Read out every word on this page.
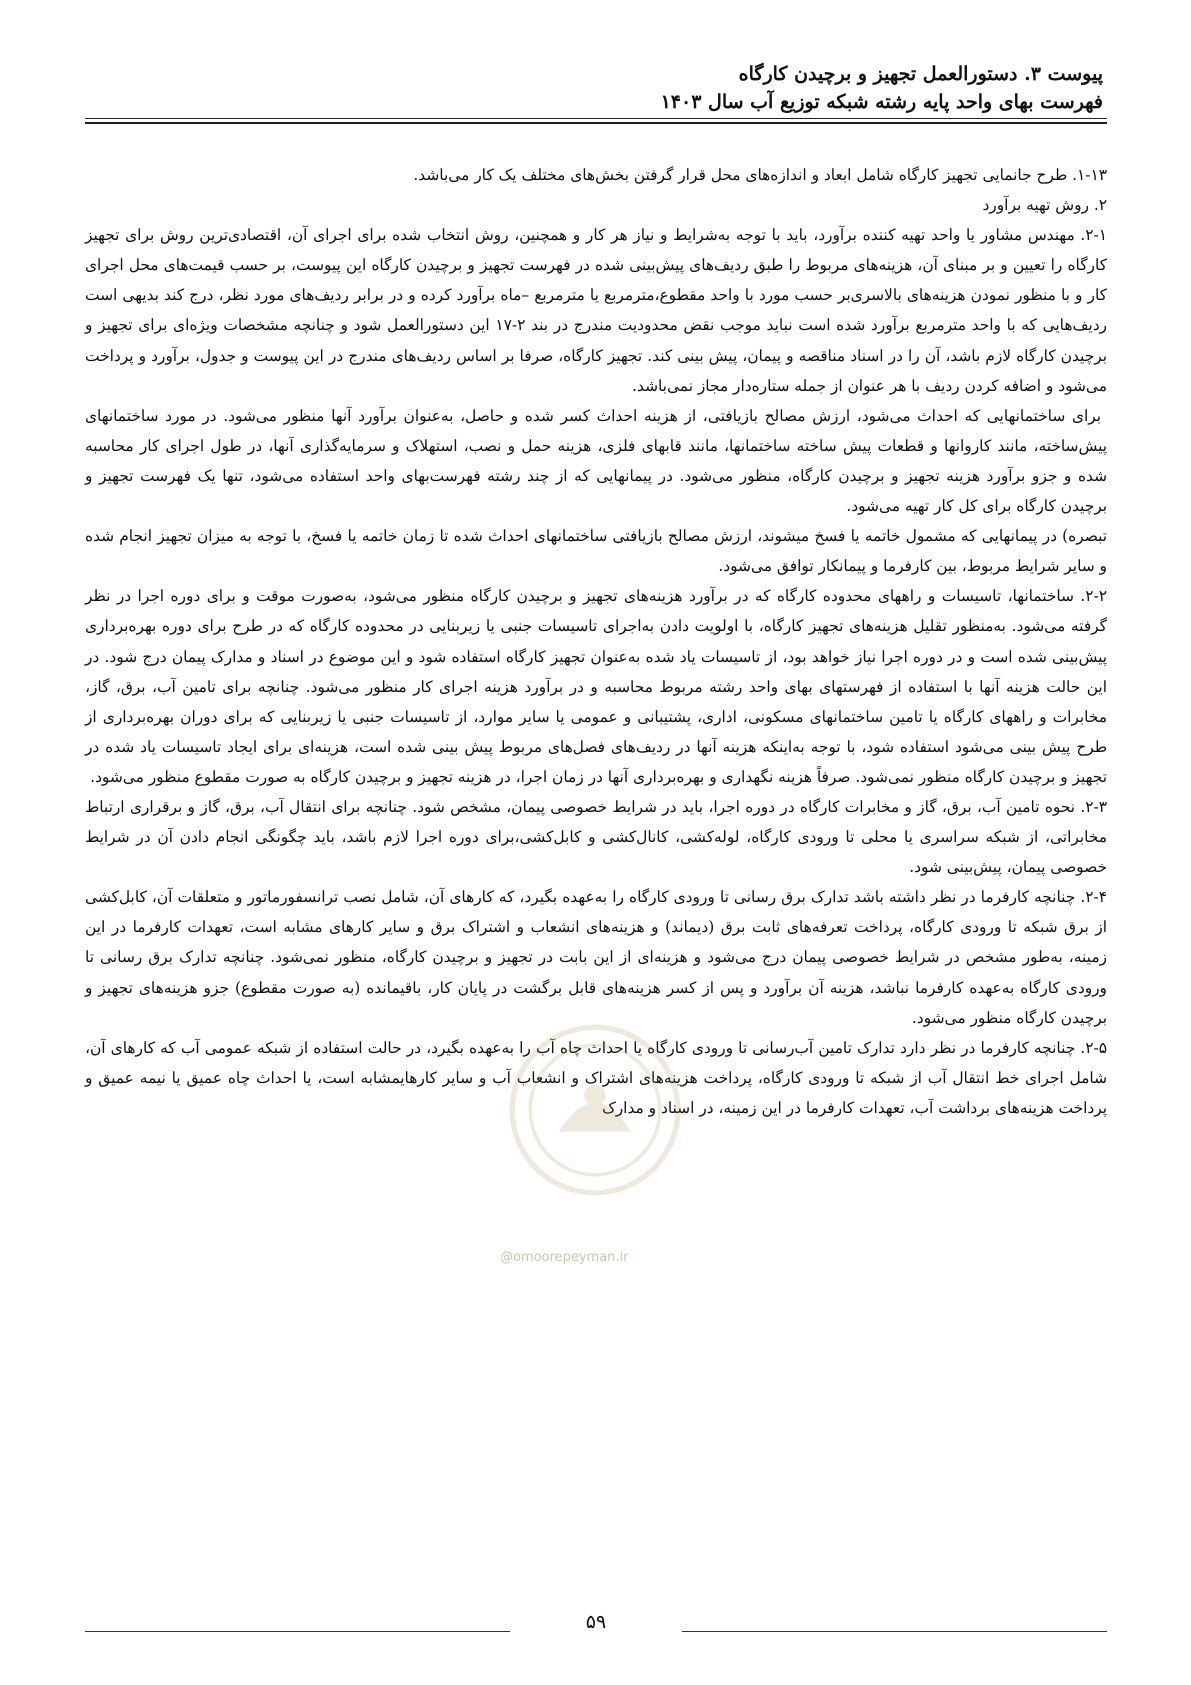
پیوست ۳. دستورالعمل تجهیز و برچیدن کارگاه
فهرست بهای واحد پایه رشته شبکه توزیع آب سال ۱۴۰۳

۱-۱۳. طرح جانمایی تجهیز کارگاه شامل ابعاد و اندازه‌های محل قرار گرفتن بخش‌های مختلف یک کار می‌باشد.

۲. روش تهیه برآورد

۲-۱. مهندس مشاور یا واحد تهیه کننده برآورد، باید با توجه به‌شرایط و نیاز هر کار و همچنین، روش انتخاب شده برای اجرای آن، اقتصادی‌ترین روش برای تجهیز کارگاه را تعیین و بر مبنای آن، هزینه‌های مربوط را طبق ردیف‌های پیش‌بینی شده در فهرست تجهیز و برچیدن کارگاه این پیوست، بر حسب قیمت‌های محل اجرای کار و با منظور نمودن هزینه‌های بالاسری‌بر حسب مورد با واحد مقطوع،مترمربع یا مترمربع –ماه برآورد کرده و در برابر ردیف‌های مورد نظر، درج کند بدیهی است ردیف‌هایی که با واحد مترمربع برآورد شده است نباید موجب نقض محدودیت مندرج در بند ۲-۱۷ این دستورالعمل شود و چنانچه مشخصات ویژه‌ای برای تجهیز و برچیدن کارگاه لازم باشد، آن را در اسناد مناقصه و پیمان، پیش بینی کند. تجهیز کارگاه، صرفا بر اساس ردیف‌های مندرج در این پیوست و جدول، برآورد و پرداخت می‌شود و اضافه کردن ردیف با هر عنوان از جمله ستاره‌دار مجاز نمی‌باشد.

برای ساختمانهایی که احداث می‌شود، ارزش مصالح بازیافتی، از هزینه احداث کسر شده و حاصل، به‌عنوان برآورد آنها منظور می‌شود. در مورد ساختمانهای پیش‌ساخته، مانند کاروانها و قطعات پیش ساخته ساختمانها، مانند قابهای فلزی، هزینه حمل و نصب، استهلاک و سرمایه‌گذاری آنها، در طول اجرای کار محاسبه شده و جزو برآورد هزینه تجهیز و برچیدن کارگاه، منظور می‌شود. در پیمانهایی که از چند رشته فهرست‌بهای واحد استفاده می‌شود، تنها یک فهرست تجهیز و برچیدن کارگاه برای کل کار تهیه می‌شود.

تبصره) در پیمانهایی که مشمول خاتمه یا فسخ میشوند، ارزش مصالح بازیافتی ساختمانهای احداث شده تا زمان خاتمه یا فسخ، با توجه به میزان تجهیز انجام شده و سایر شرایط مربوط، بین کارفرما و پیمانکار توافق می‌شود.

۲-۲. ساختمانها، تاسیسات و راههای محدوده کارگاه که در برآورد هزینه‌های تجهیز و برچیدن کارگاه منظور می‌شود، به‌صورت موقت و برای دوره اجرا در نظر گرفته می‌شود. به‌منظور تقلیل هزینه‌های تجهیز کارگاه، با اولویت دادن به‌اجرای تاسیسات جنبی یا زیربنایی در محدوده کارگاه که در طرح برای دوره بهره‌برداری پیش‌بینی شده است و در دوره اجرا نیاز خواهد بود، از تاسیسات یاد شده به‌عنوان تجهیز کارگاه استفاده شود و این موضوع در اسناد و مدارک پیمان درج شود. در این حالت هزینه آنها با استفاده از فهرستهای بهای واحد رشته مربوط محاسبه و در برآورد هزینه اجرای کار منظور می‌شود. چنانچه برای تامین آب، برق، گاز، مخابرات و راههای کارگاه یا تامین ساختمانهای مسکونی، اداری، پشتیبانی و عمومی یا سایر موارد، از تاسیسات جنبی یا زیربنایی که برای دوران بهره‌برداری از طرح پیش بینی می‌شود استفاده شود، با توجه به‌اینکه هزینه آنها در ردیف‌های فصل‌های مربوط پیش بینی شده است، هزینه‌ای برای ایجاد تاسیسات یاد شده در تجهیز و برچیدن کارگاه منظور نمی‌شود. صرفاً هزینه نگهداری و بهره‌برداری آنها در زمان اجرا، در هزینه تجهیز و برچیدن کارگاه به صورت مقطوع منظور می‌شود.

۲-۳. نحوه تامین آب، برق، گاز و مخابرات کارگاه در دوره اجرا، باید در شرایط خصوصی پیمان، مشخص شود. چنانچه برای انتقال آب، برق، گاز و برقراری ارتباط مخابراتی، از شبکه سراسری یا محلی تا ورودی کارگاه، لوله‌کشی، کانال‌کشی و کابل‌کشی،برای دوره اجرا لازم باشد، باید چگونگی انجام دادن آن در شرایط خصوصی پیمان، پیش‌بینی شود.

۲-۴. چنانچه کارفرما در نظر داشته باشد تدارک برق رسانی تا ورودی کارگاه را به‌عهده بگیرد، که کارهای آن، شامل نصب ترانسفورماتور و متعلقات آن، کابل‌کشی از برق شبکه تا ورودی کارگاه، پرداخت تعرفه‌های ثابت برق (دیماند) و هزینه‌های انشعاب و اشتراک برق و سایر کارهای مشابه است، تعهدات کارفرما در این زمینه، به‌طور مشخص در شرایط خصوصی پیمان درج می‌شود و هزینه‌ای از این بابت در تجهیز و برچیدن کارگاه، منظور نمی‌شود. چنانچه تدارک برق رسانی تا ورودی کارگاه به‌عهده کارفرما نباشد، هزینه آن برآورد و پس از کسر هزینه‌های قابل برگشت در پایان کار، باقیمانده (به صورت مقطوع) جزو هزینه‌های تجهیز و برچیدن کارگاه منظور می‌شود.

۲-۵. چنانچه کارفرما در نظر دارد تدارک تامین آب‌رسانی تا ورودی کارگاه یا احداث چاه آب را به‌عهده بگیرد، در حالت استفاده از شبکه عمومی آب که کارهای آن، شامل اجرای خط انتقال آب از شبکه تا ورودی کارگاه، پرداخت هزینه‌های اشتراک و انشعاب آب و سایر کارهایمشابه است، یا احداث چاه عمیق یا نیمه عمیق و پرداخت هزینه‌های برداشت آب، تعهدات کارفرما در این زمینه، در اسناد و مدارک

@omoorepeyman.ir
۵۹
